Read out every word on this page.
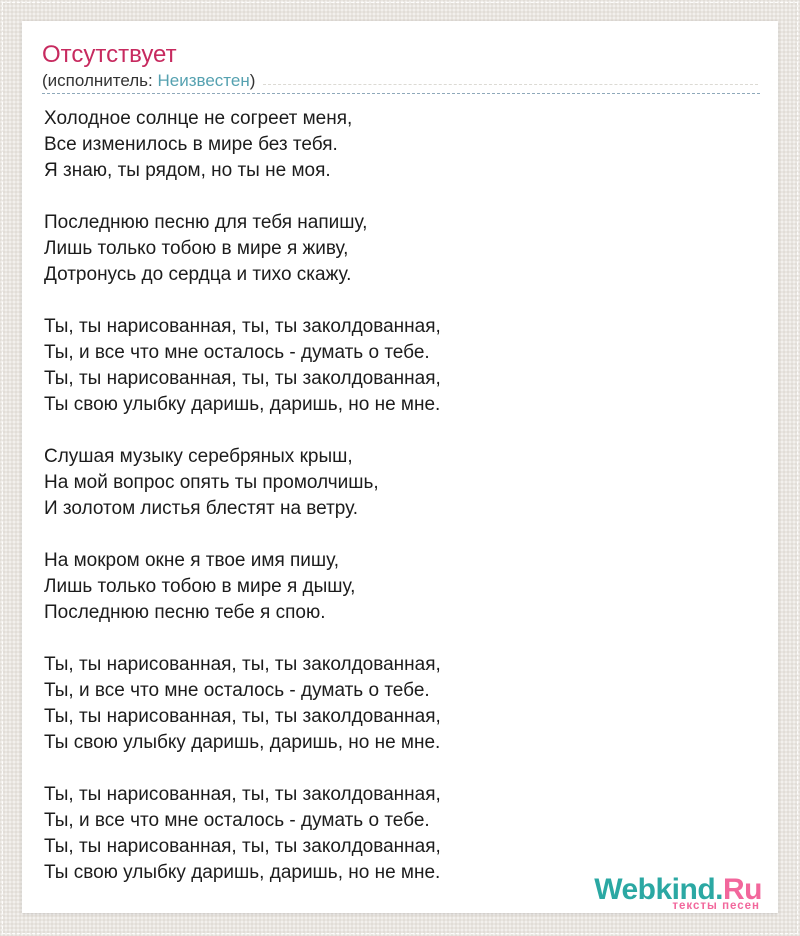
Отсутствует
(исполнитель:
Неизвестен )

Холодное солнце не согреет меня,
Все изменилось в мире без тебя.
Я знаю, ты рядом, но ты не моя.

Последнюю песню для тебя напишу,
Лишь только тобою в мире я живу,
Дотронусь до сердца и тихо скажу.

Ты, ты нарисованная, ты, ты заколдованная,
Ты, и все что мне осталось - думать о тебе.
Ты, ты нарисованная, ты, ты заколдованная,
Ты свою улыбку даришь, даришь, но не мне.

Слушая музыку серебряных крыш,
На мой вопрос опять ты промолчишь,
И золотом листья блестят на ветру.

На мокром окне я твое имя пишу,
Лишь только тобою в мире я дышу,
Последнюю песню тебе я спою.

Ты, ты нарисованная, ты, ты заколдованная,
Ты, и все что мне осталось - думать о тебе.
Ты, ты нарисованная, ты, ты заколдованная,
Ты свою улыбку даришь, даришь, но не мне.

Ты, ты нарисованная, ты, ты заколдованная,
Ты, и все что мне осталось - думать о тебе.
Ты, ты нарисованная, ты, ты заколдованная,
Ты свою улыбку даришь, даришь, но не мне.	Webkind.Ru
тексты песен
